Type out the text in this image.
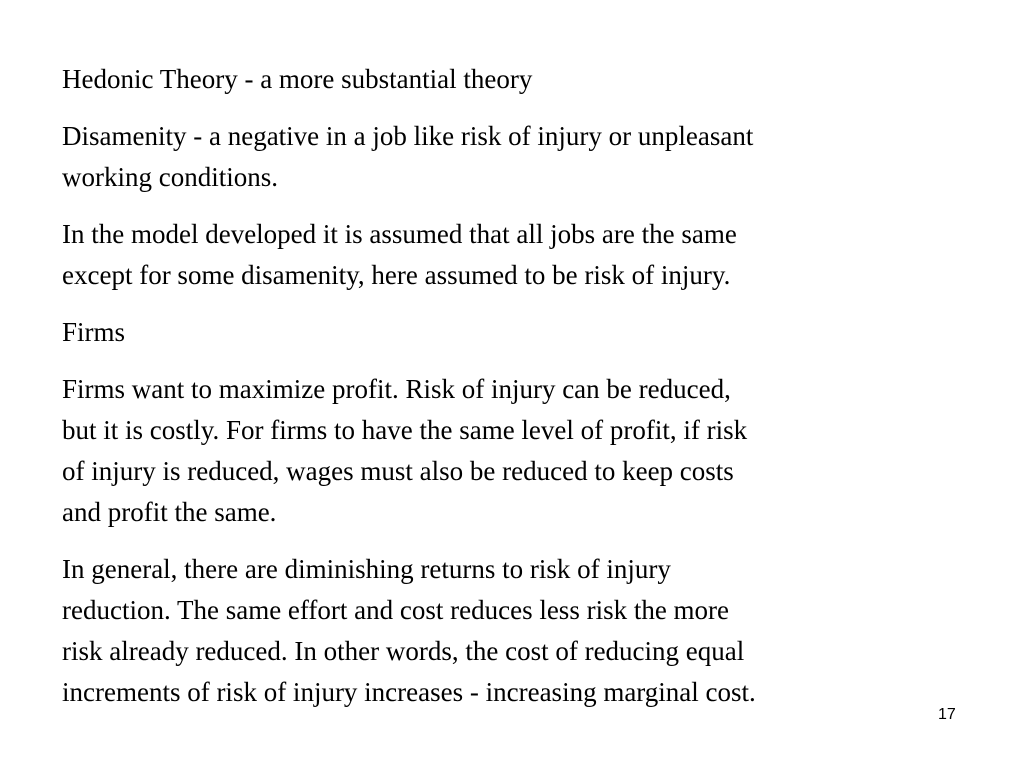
Hedonic Theory - a more substantial theory

Disamenity - a negative in a job like risk of injury or unpleasant
working conditions.

In the model developed it is assumed that all jobs are the same
except for some disamenity, here assumed to be risk of injury.

Firms

Firms want to maximize profit. Risk of injury can be reduced,
but it is costly. For firms to have the same level of profit, if risk
of injury is reduced, wages must also be reduced to keep costs
and profit the same.

In general, there are diminishing returns to risk of injury
reduction. The same effort and cost reduces less risk the more
risk already reduced. In other words, the cost of reducing equal
increments of risk of injury increases - increasing marginal cost.

17
